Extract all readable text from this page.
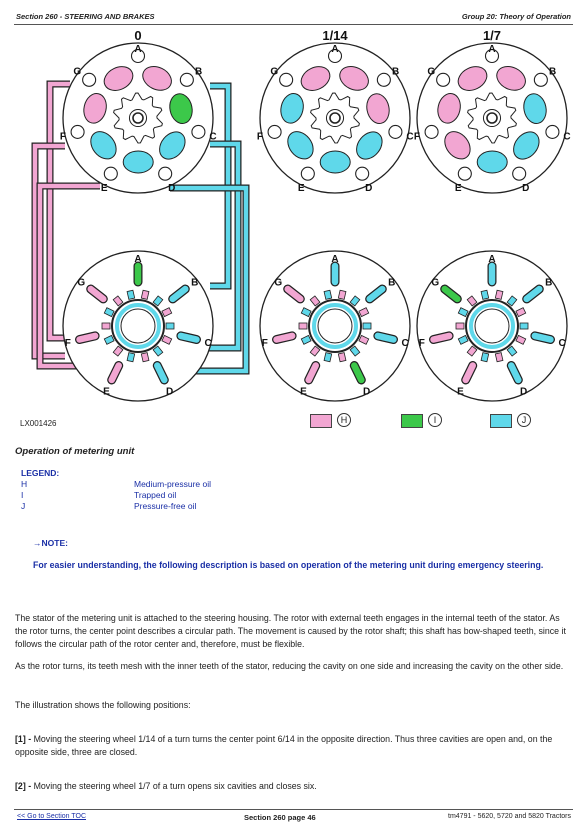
Section 260 - STEERING AND BRAKES	Group 20: Theory of Operation
0
A
B
C
D
E
F
G
A
B
C
D
E
F
G
1/14
A
B
C
D
E
F
G
A
B
C
D
E
F
G
1/7
A
B
C
D
E
F
G
A
B
C
D
E
F
G
LX001426	H	I	J
Operation of metering unit
LEGEND:
H	Medium-pressure oil
I	Trapped oil
J	Pressure-free oil
→NOTE:
For easier understanding, the following description is based on operation of the metering unit during emergency steering.
The stator of the metering unit is attached to the steering housing. The rotor with external teeth engages in the internal teeth of the stator. As the rotor turns, the center point describes a circular path. The movement is caused by the rotor shaft; this shaft has bow-shaped teeth, since it follows the circular path of the rotor center and, therefore, must be flexible.
As the rotor turns, its teeth mesh with the inner teeth of the stator, reducing the cavity on one side and increasing the cavity on the other side.
The illustration shows the following positions:
[1] - Moving the steering wheel 1/14 of a turn turns the center point 6/14 in the opposite direction. Thus three cavities are open and, on the opposite side, three are closed.
[2] - Moving the steering wheel 1/7 of a turn opens six cavities and closes six.
<< Go to Section TOC	Section 260 page 46	tm4791 - 5620, 5720 and 5820 Tractors
